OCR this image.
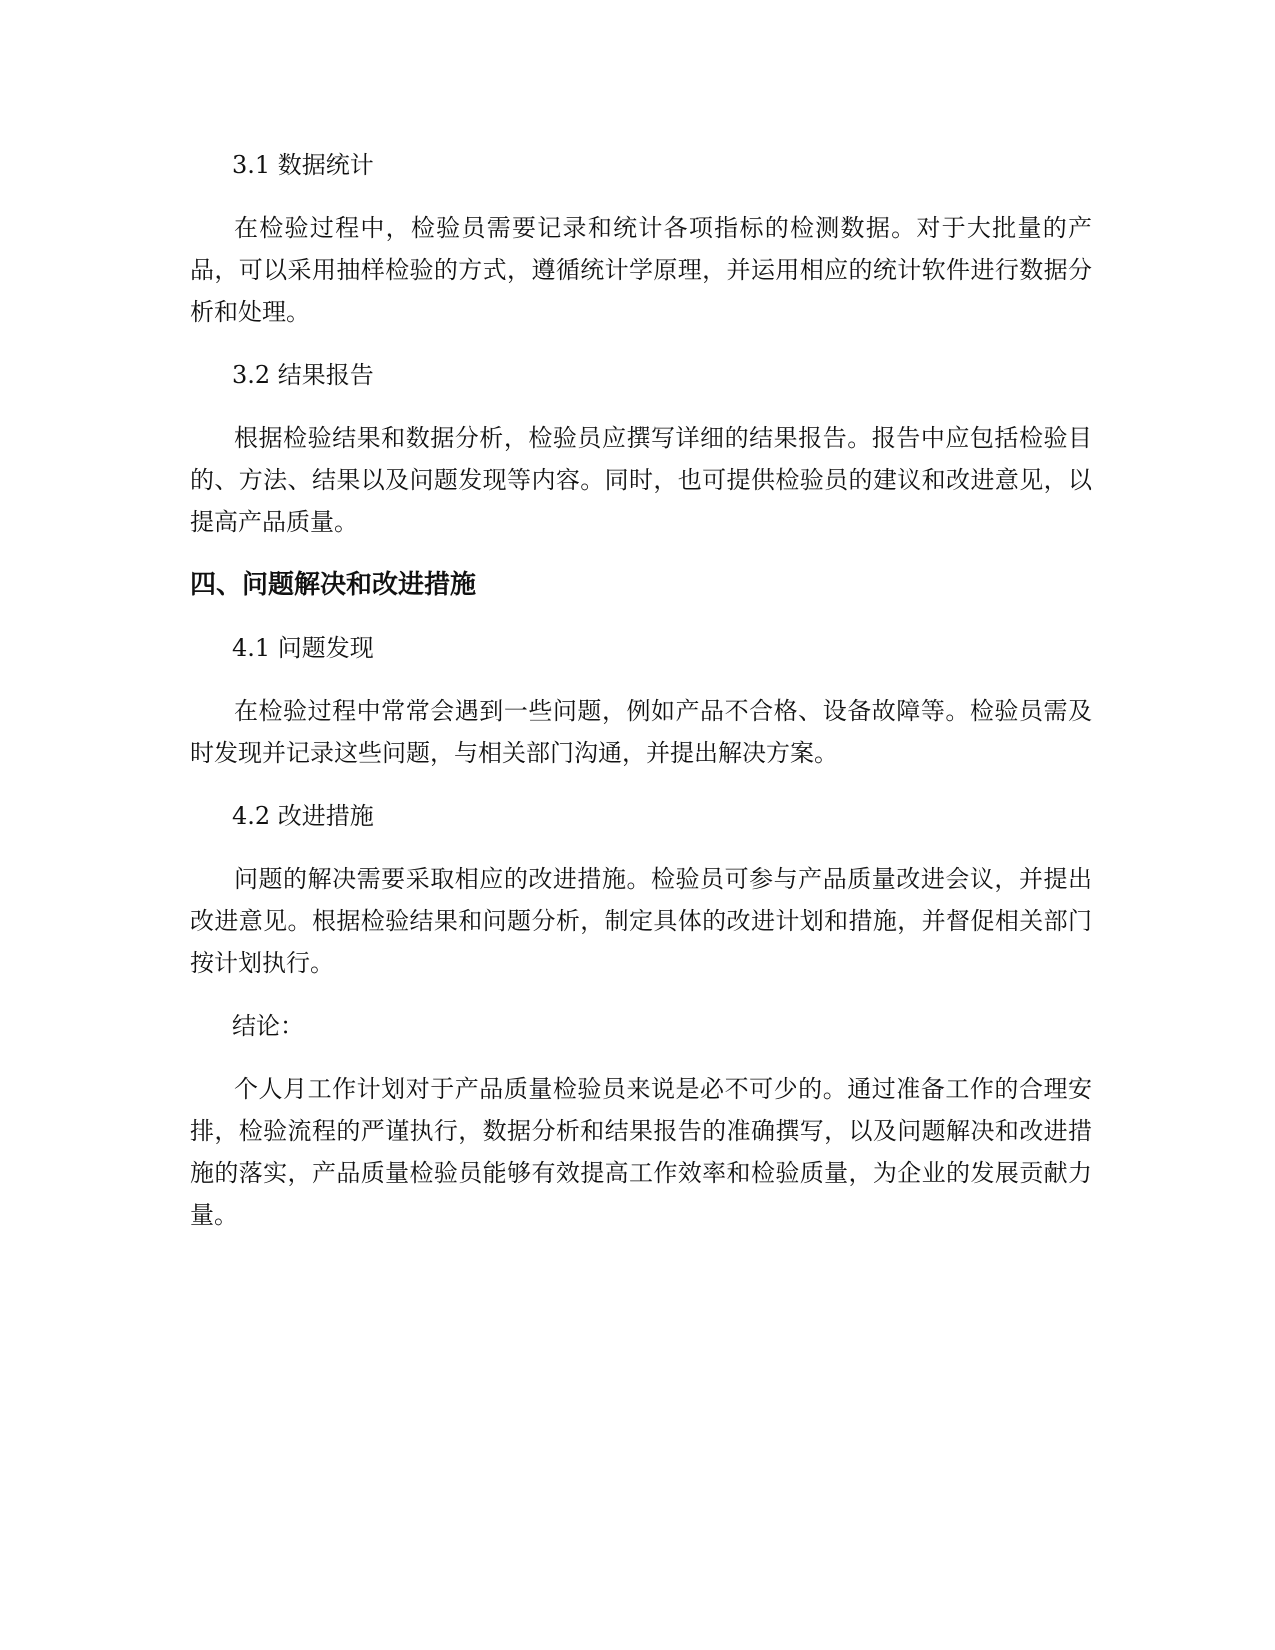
3.1 数据统计

在检验过程中，检验员需要记录和统计各项指标的检测数据。对于大批量的产品，可以采用抽样检验的方式，遵循统计学原理，并运用相应的统计软件进行数据分析和处理。

3.2 结果报告

根据检验结果和数据分析，检验员应撰写详细的结果报告。报告中应包括检验目的、方法、结果以及问题发现等内容。同时，也可提供检验员的建议和改进意见，以提高产品质量。

四、问题解决和改进措施

4.1 问题发现

在检验过程中常常会遇到一些问题，例如产品不合格、设备故障等。检验员需及时发现并记录这些问题，与相关部门沟通，并提出解决方案。

4.2 改进措施

问题的解决需要采取相应的改进措施。检验员可参与产品质量改进会议，并提出改进意见。根据检验结果和问题分析，制定具体的改进计划和措施，并督促相关部门按计划执行。

结论：

个人月工作计划对于产品质量检验员来说是必不可少的。通过准备工作的合理安排，检验流程的严谨执行，数据分析和结果报告的准确撰写，以及问题解决和改进措施的落实，产品质量检验员能够有效提高工作效率和检验质量，为企业的发展贡献力量。
